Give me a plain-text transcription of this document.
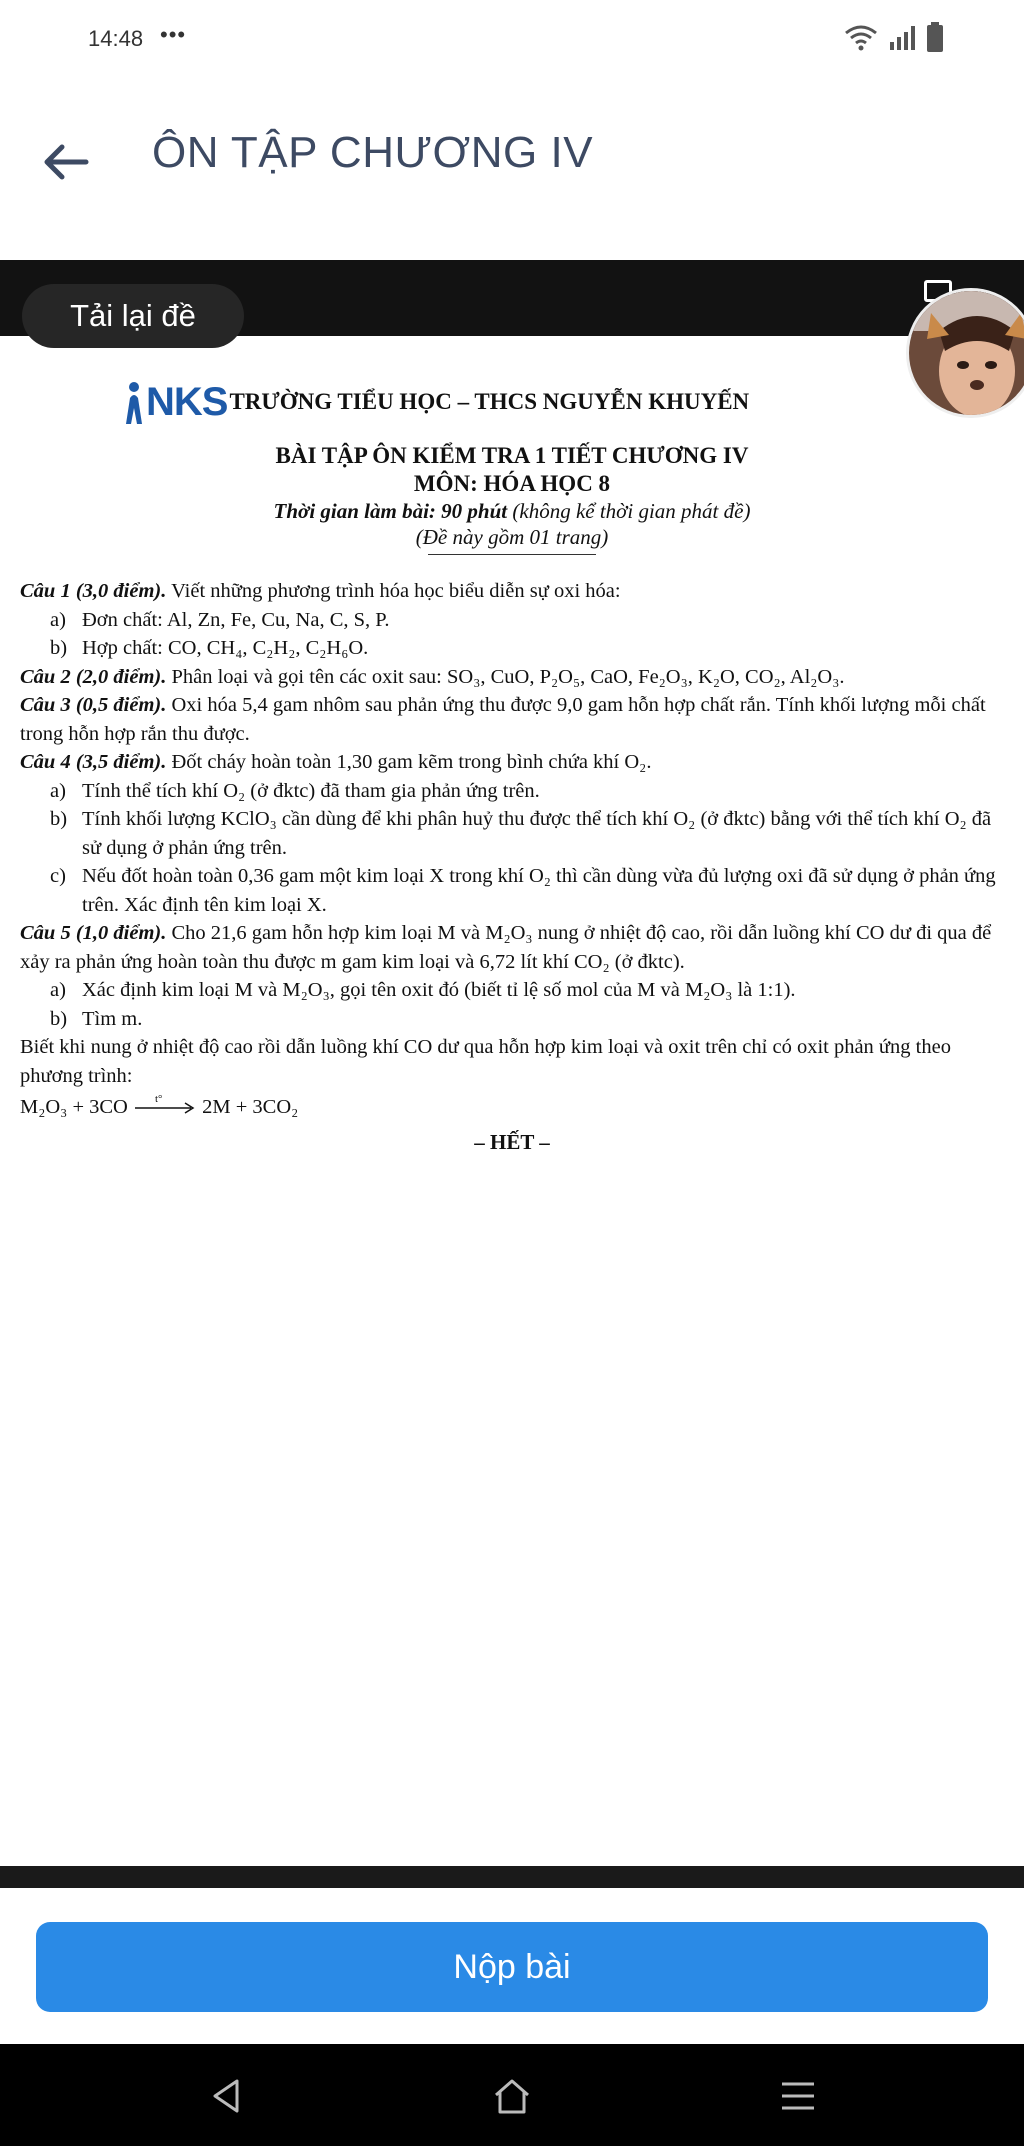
14:48 •••
ÔN TẬP CHƯƠNG IV
Tải lại đề
NKS TRƯỜNG TIỂU HỌC – THCS NGUYỄN KHUYẾN
BÀI TẬP ÔN KIỂM TRA 1 TIẾT CHƯƠNG IV
MÔN: HÓA HỌC 8
Thời gian làm bài: 90 phút (không kể thời gian phát đề)
(Đề này gồm 01 trang)
Câu 1 (3,0 điểm). Viết những phương trình hóa học biểu diễn sự oxi hóa:
a) Đơn chất: Al, Zn, Fe, Cu, Na, C, S, P.
b) Hợp chất: CO, CH₄, C₂H₂, C₂H₆O.
Câu 2 (2,0 điểm). Phân loại và gọi tên các oxit sau: SO₃, CuO, P₂O₅, CaO, Fe₂O₃, K₂O, CO₂, Al₂O₃.
Câu 3 (0,5 điểm). Oxi hóa 5,4 gam nhôm sau phản ứng thu được 9,0 gam hỗn hợp chất rắn. Tính khối lượng mỗi chất trong hỗn hợp rắn thu được.
Câu 4 (3,5 điểm). Đốt cháy hoàn toàn 1,30 gam kẽm trong bình chứa khí O₂.
a) Tính thể tích khí O₂ (ở đktc) đã tham gia phản ứng trên.
b) Tính khối lượng KClO₃ cần dùng để khi phân huỷ thu được thể tích khí O₂ (ở đktc) bằng với thể tích khí O₂ đã sử dụng ở phản ứng trên.
c) Nếu đốt hoàn toàn 0,36 gam một kim loại X trong khí O₂ thì cần dùng vừa đủ lượng oxi đã sử dụng ở phản ứng trên. Xác định tên kim loại X.
Câu 5 (1,0 điểm). Cho 21,6 gam hỗn hợp kim loại M và M₂O₃ nung ở nhiệt độ cao, rồi dẫn luồng khí CO dư đi qua để xảy ra phản ứng hoàn toàn thu được m gam kim loại và 6,72 lít khí CO₂ (ở đktc).
a) Xác định kim loại M và M₂O₃, gọi tên oxit đó (biết tỉ lệ số mol của M và M₂O₃ là 1:1).
b) Tìm m.
Biết khi nung ở nhiệt độ cao rồi dẫn luồng khí CO dư qua hỗn hợp kim loại và oxit trên chỉ có oxit phản ứng theo phương trình:
M₂O₃ + 3CO t° 2M + 3CO₂
– HẾT –
Nộp bài
